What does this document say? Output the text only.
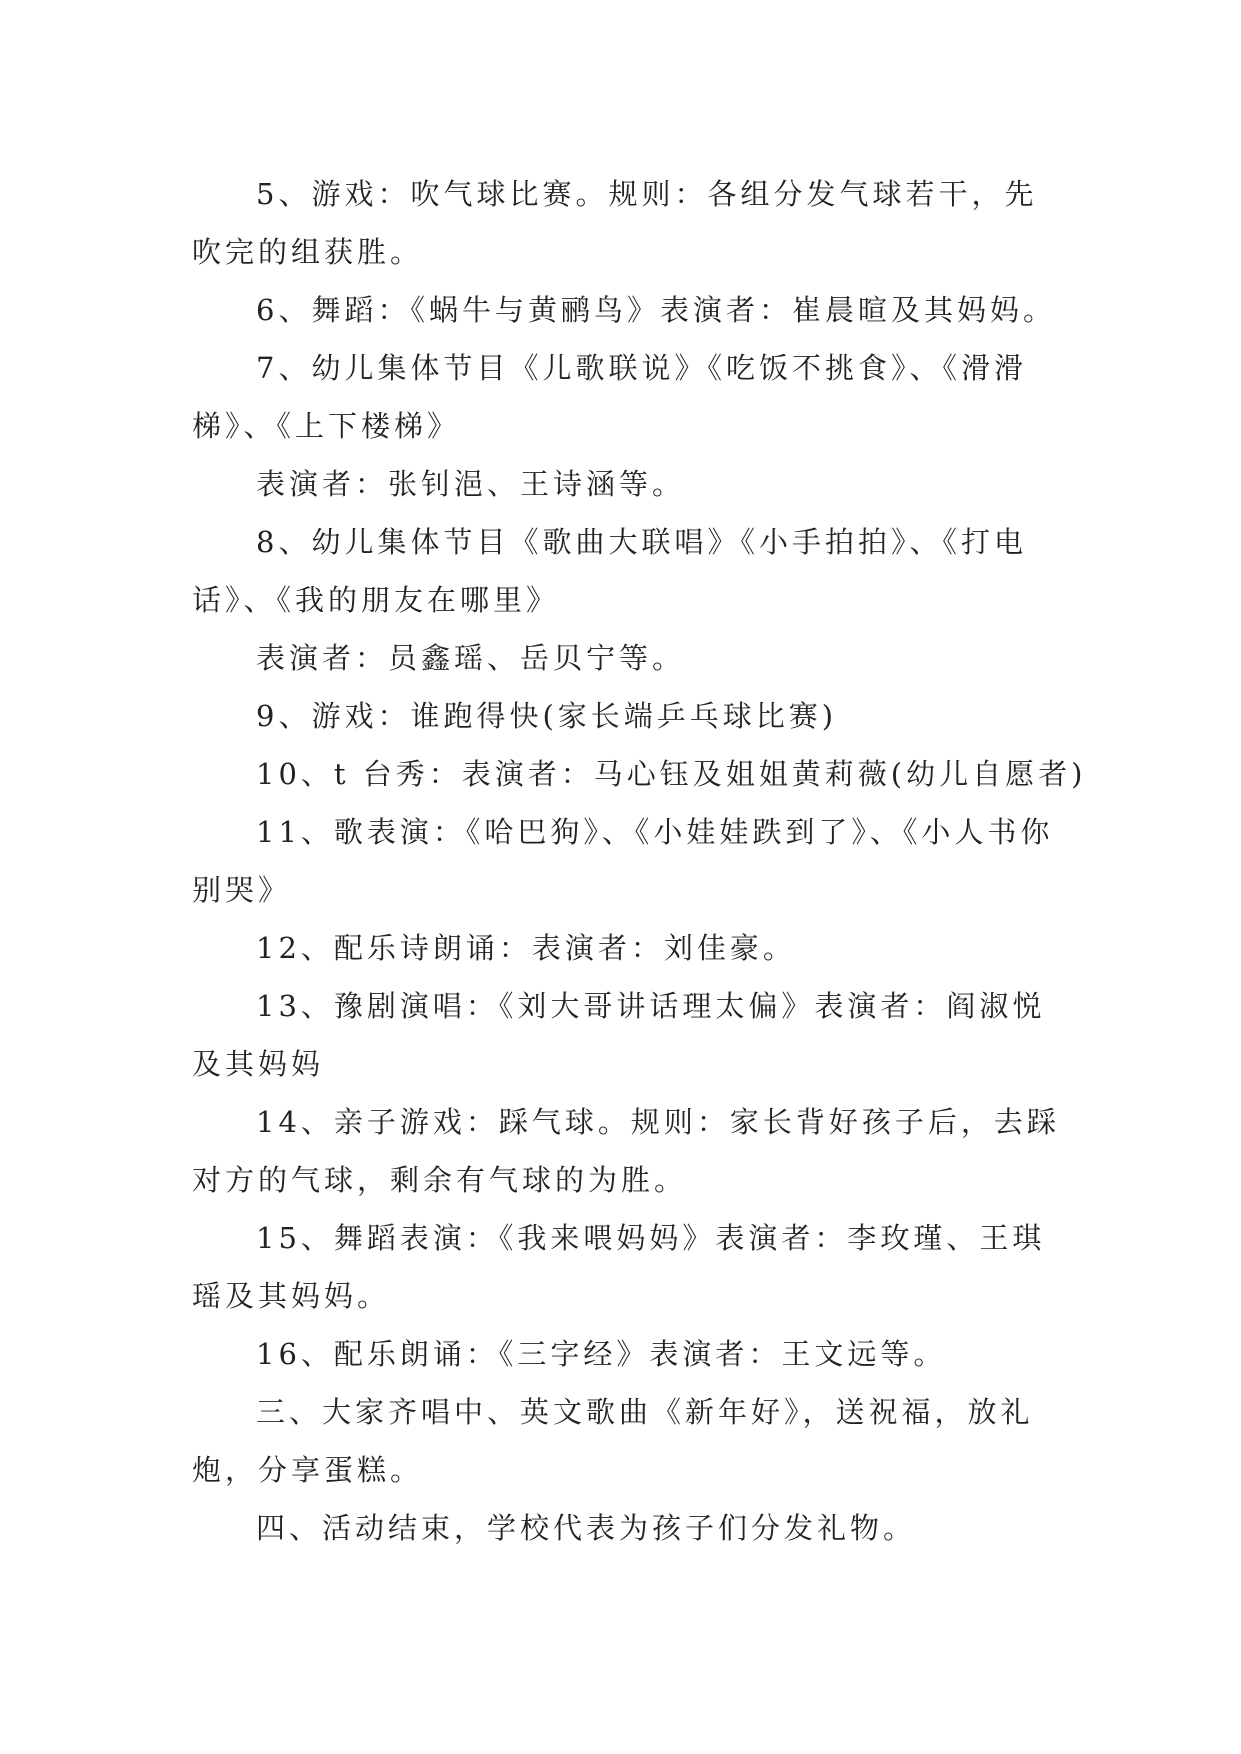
5、游戏：吹气球比赛。规则：各组分发气球若干，先

吹完的组获胜。

6、舞蹈：《蜗牛与黄鹂鸟》表演者：崔晨暄及其妈妈。

7、幼儿集体节目《儿歌联说》《吃饭不挑食》、《滑滑

梯》、《上下楼梯》

表演者：张钊浥、王诗涵等。

8、幼儿集体节目《歌曲大联唱》《小手拍拍》、《打电

话》、《我的朋友在哪里》

表演者：员鑫瑶、岳贝宁等。

9、游戏：谁跑得快(家长端乒乓球比赛)

10、t 台秀：表演者：马心钰及姐姐黄莉薇(幼儿自愿者)

11、歌表演：《哈巴狗》、《小娃娃跌到了》、《小人书你

别哭》

12、配乐诗朗诵：表演者：刘佳豪。

13、豫剧演唱：《刘大哥讲话理太偏》表演者：阎淑悦

及其妈妈

14、亲子游戏：踩气球。规则：家长背好孩子后，去踩

对方的气球，剩余有气球的为胜。

15、舞蹈表演：《我来喂妈妈》表演者：李玫瑾、王琪

瑶及其妈妈。

16、配乐朗诵：《三字经》表演者：王文远等。

三、大家齐唱中、英文歌曲《新年好》，送祝福，放礼

炮，分享蛋糕。

四、活动结束，学校代表为孩子们分发礼物。
